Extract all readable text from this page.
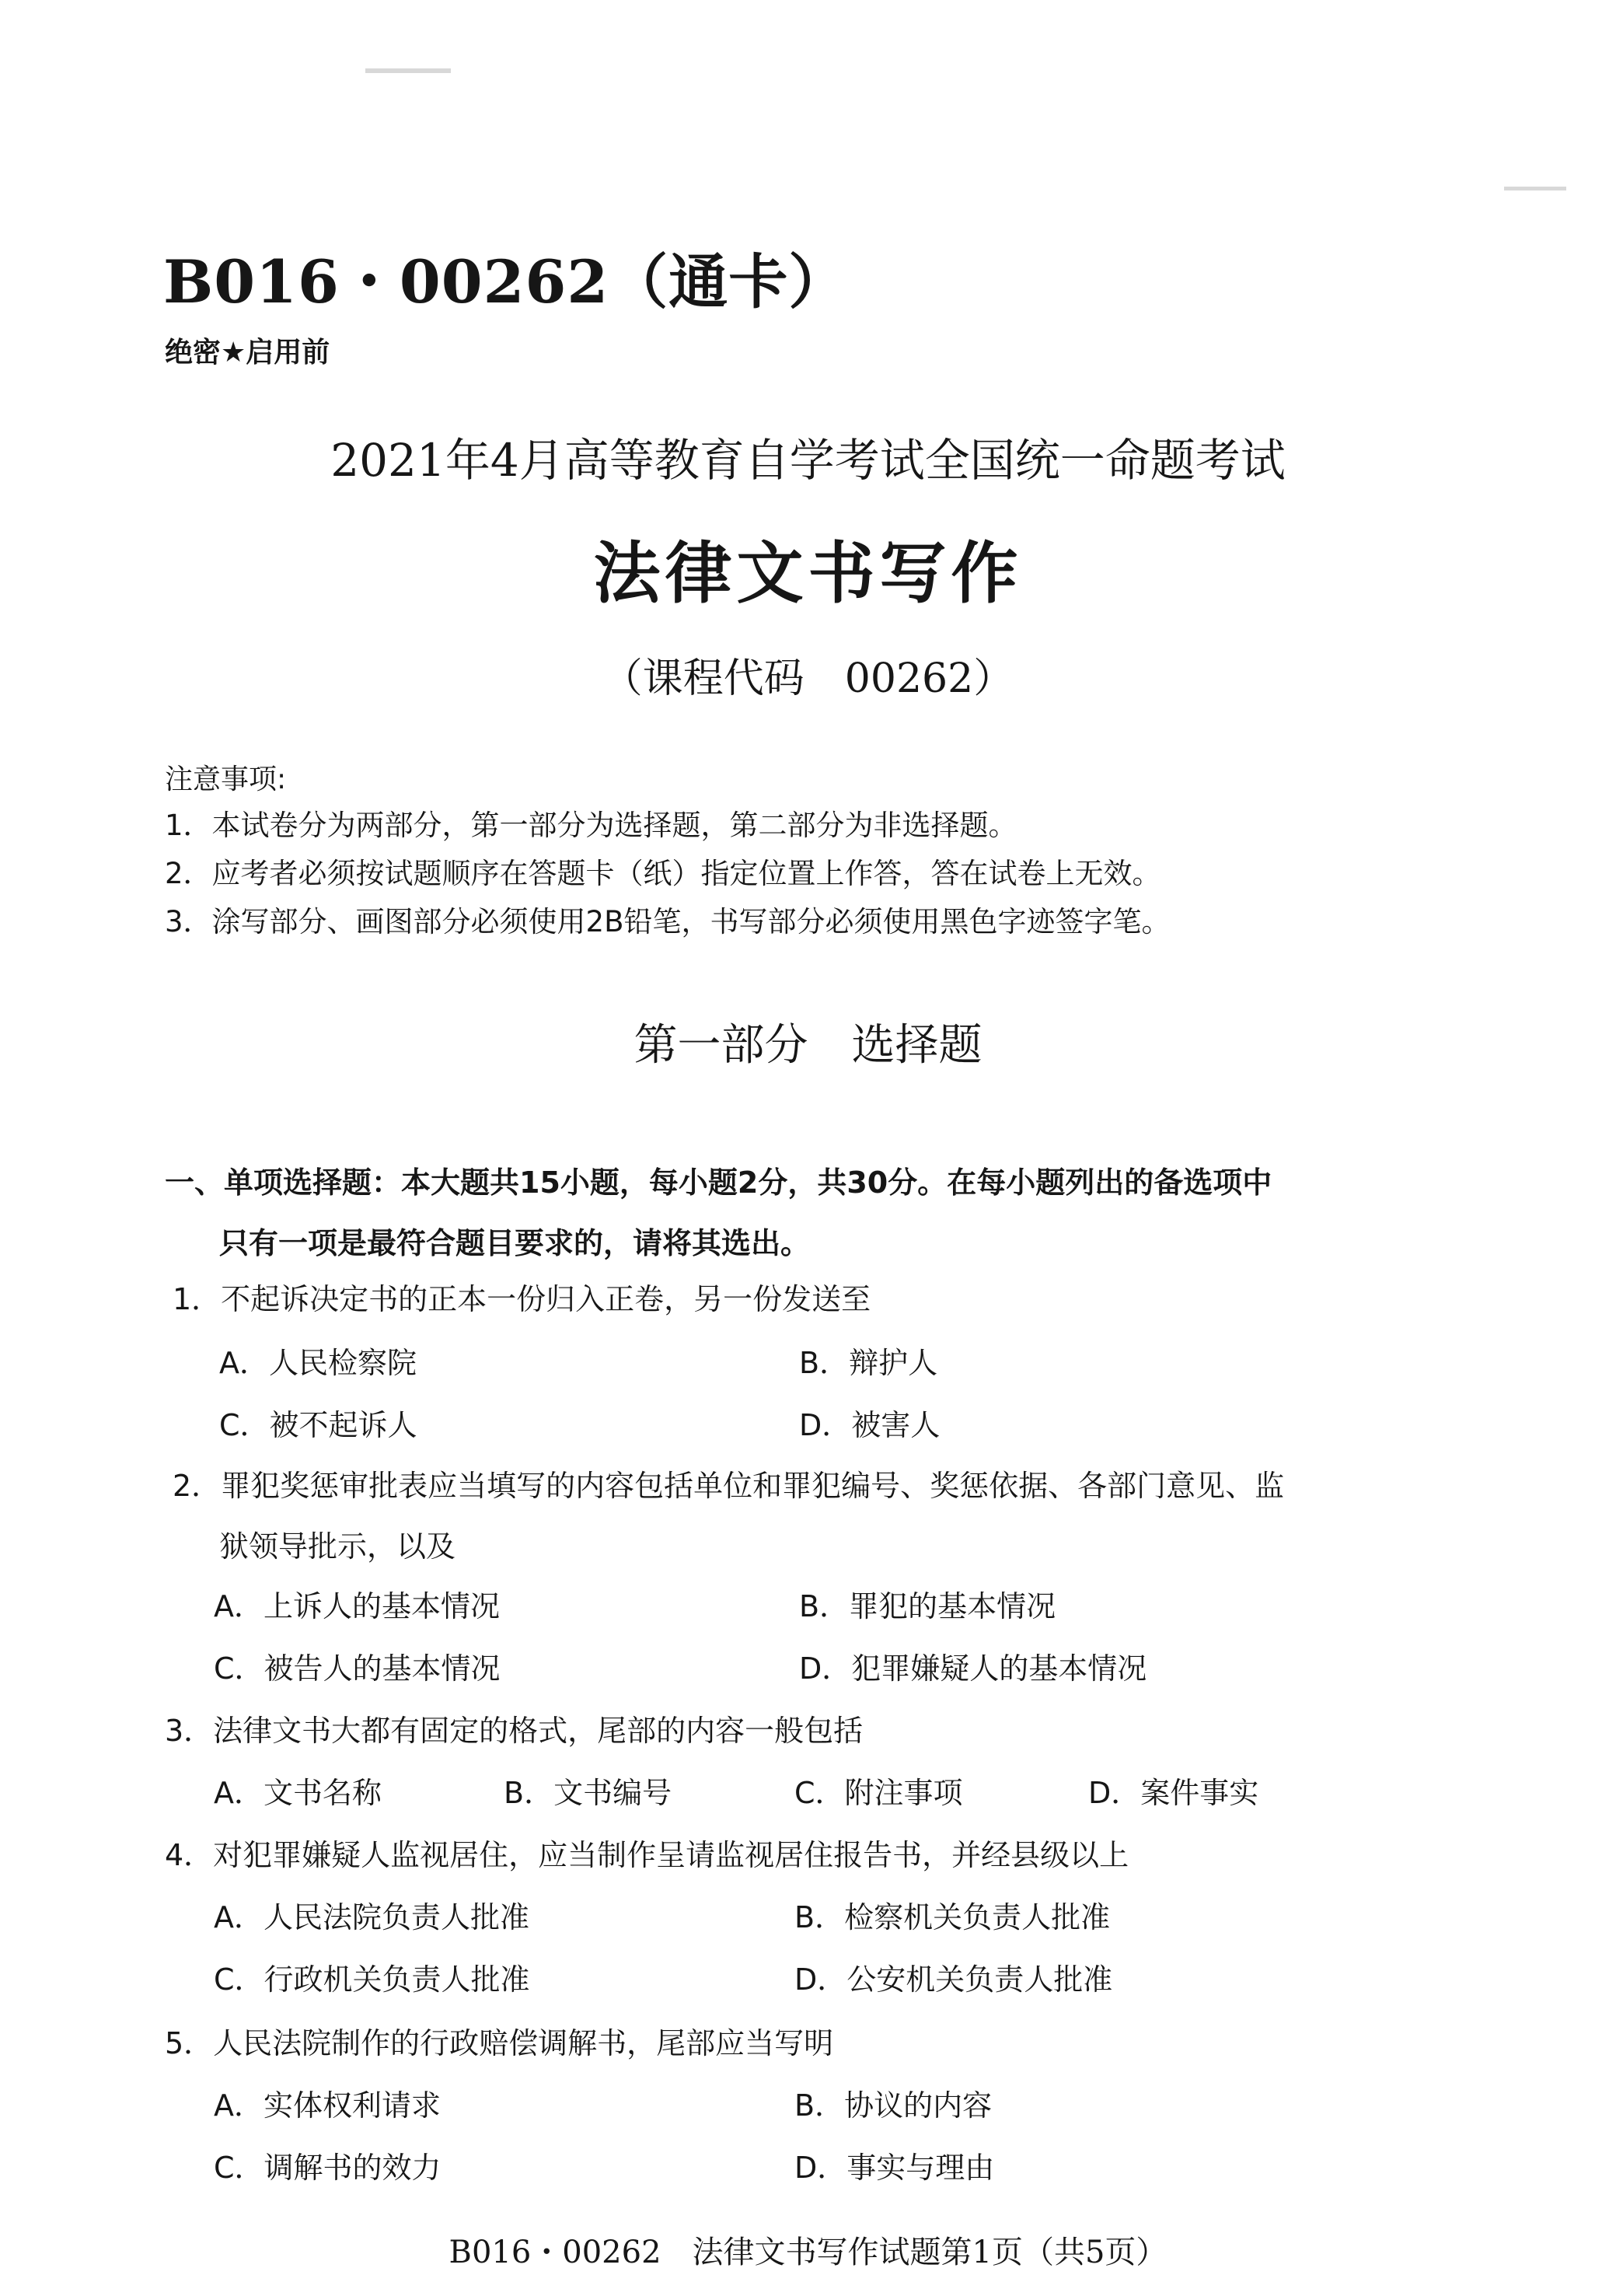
B016・00262（通卡）
绝密★启用前
2021年4月高等教育自学考试全国统一命题考试
法律文书写作
（课程代码　00262）
注意事项:
1．本试卷分为两部分，第一部分为选择题，第二部分为非选择题。
2．应考者必须按试题顺序在答题卡（纸）指定位置上作答，答在试卷上无效。
3．涂写部分、画图部分必须使用2B铅笔，书写部分必须使用黑色字迹签字笔。
第一部分　选择题
一、单项选择题：本大题共15小题，每小题2分，共30分。在每小题列出的备选项中
只有一项是最符合题目要求的，请将其选出。
1．不起诉决定书的正本一份归入正卷，另一份发送至
A．人民检察院	B．辩护人
C．被不起诉人	D．被害人
2．罪犯奖惩审批表应当填写的内容包括单位和罪犯编号、奖惩依据、各部门意见、监
狱领导批示，以及
A．上诉人的基本情况	B．罪犯的基本情况
C．被告人的基本情况	D．犯罪嫌疑人的基本情况
3．法律文书大都有固定的格式，尾部的内容一般包括
A．文书名称	B．文书编号	C．附注事项	D．案件事实
4．对犯罪嫌疑人监视居住，应当制作呈请监视居住报告书，并经县级以上
A．人民法院负责人批准	B．检察机关负责人批准
C．行政机关负责人批准	D．公安机关负责人批准
5．人民法院制作的行政赔偿调解书，尾部应当写明
A．实体权利请求	B．协议的内容
C．调解书的效力	D．事实与理由
B016・00262　法律文书写作试题第1页（共5页）
